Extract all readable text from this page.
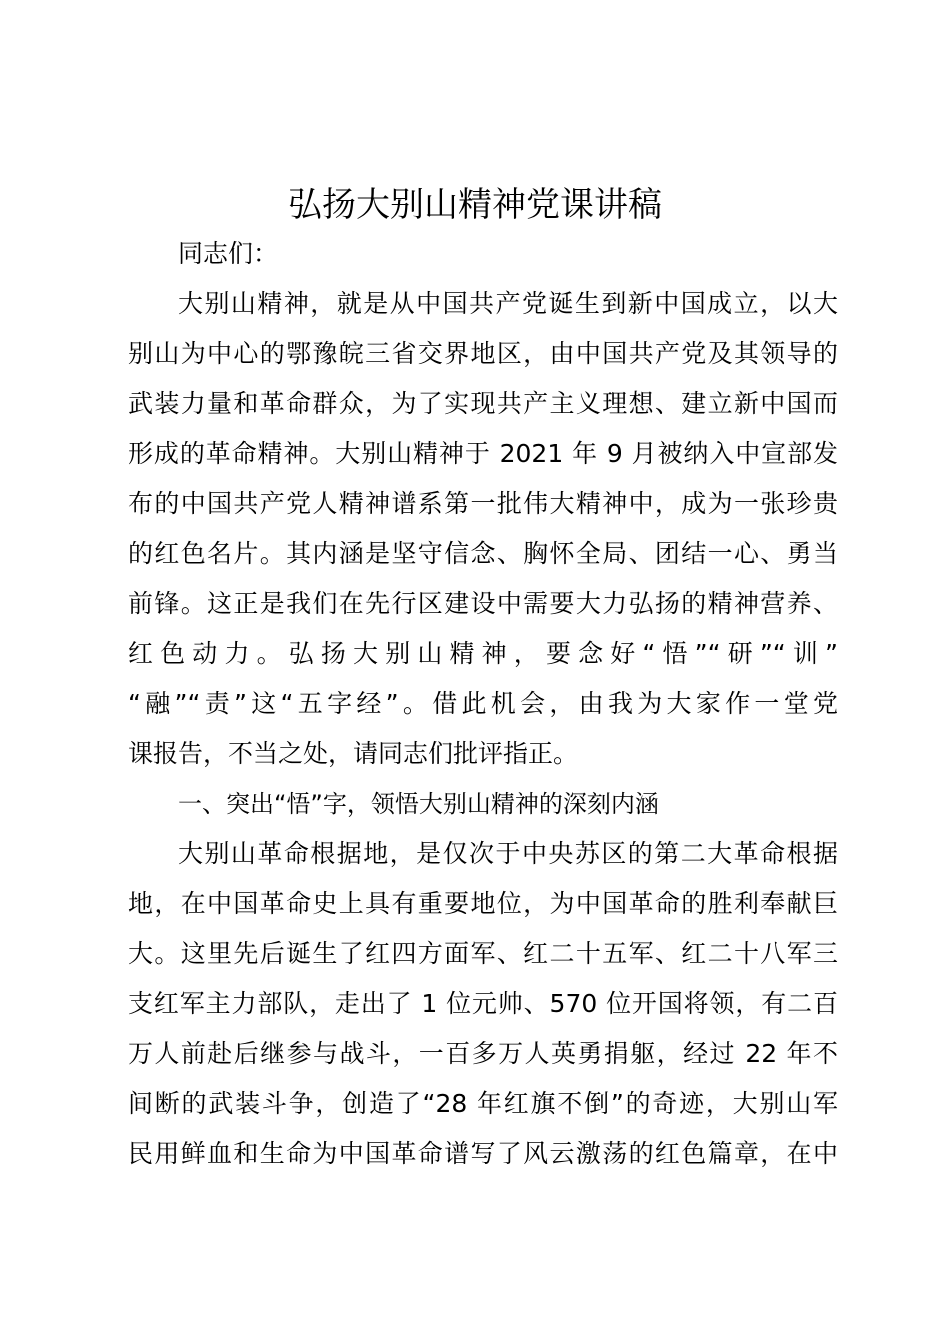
弘扬大别山精神党课讲稿

同志们：

大别山精神，就是从中国共产党诞生到新中国成立，以大

别山为中心的鄂豫皖三省交界地区，由中国共产党及其领导的

武装力量和革命群众，为了实现共产主义理想、建立新中国而

形成的革命精神。大别山精神于 2021 年 9 月被纳入中宣部发

布的中国共产党人精神谱系第一批伟大精神中，成为一张珍贵

的红色名片。其内涵是坚守信念、胸怀全局、团结一心、勇当

前锋。这正是我们在先行区建设中需要大力弘扬的精神营养、

红色动力。弘扬大别山精神，要念好“悟”“研”“训”

“融”“责”这“五字经”。借此机会，由我为大家作一堂党

课报告，不当之处，请同志们批评指正。

一、突出“悟”字，领悟大别山精神的深刻内涵

大别山革命根据地，是仅次于中央苏区的第二大革命根据

地，在中国革命史上具有重要地位，为中国革命的胜利奉献巨

大。这里先后诞生了红四方面军、红二十五军、红二十八军三

支红军主力部队，走出了 1 位元帅、570 位开国将领，有二百

万人前赴后继参与战斗，一百多万人英勇捐躯，经过 22 年不

间断的武装斗争，创造了“28 年红旗不倒”的奇迹，大别山军

民用鲜血和生命为中国革命谱写了风云激荡的红色篇章，在中
